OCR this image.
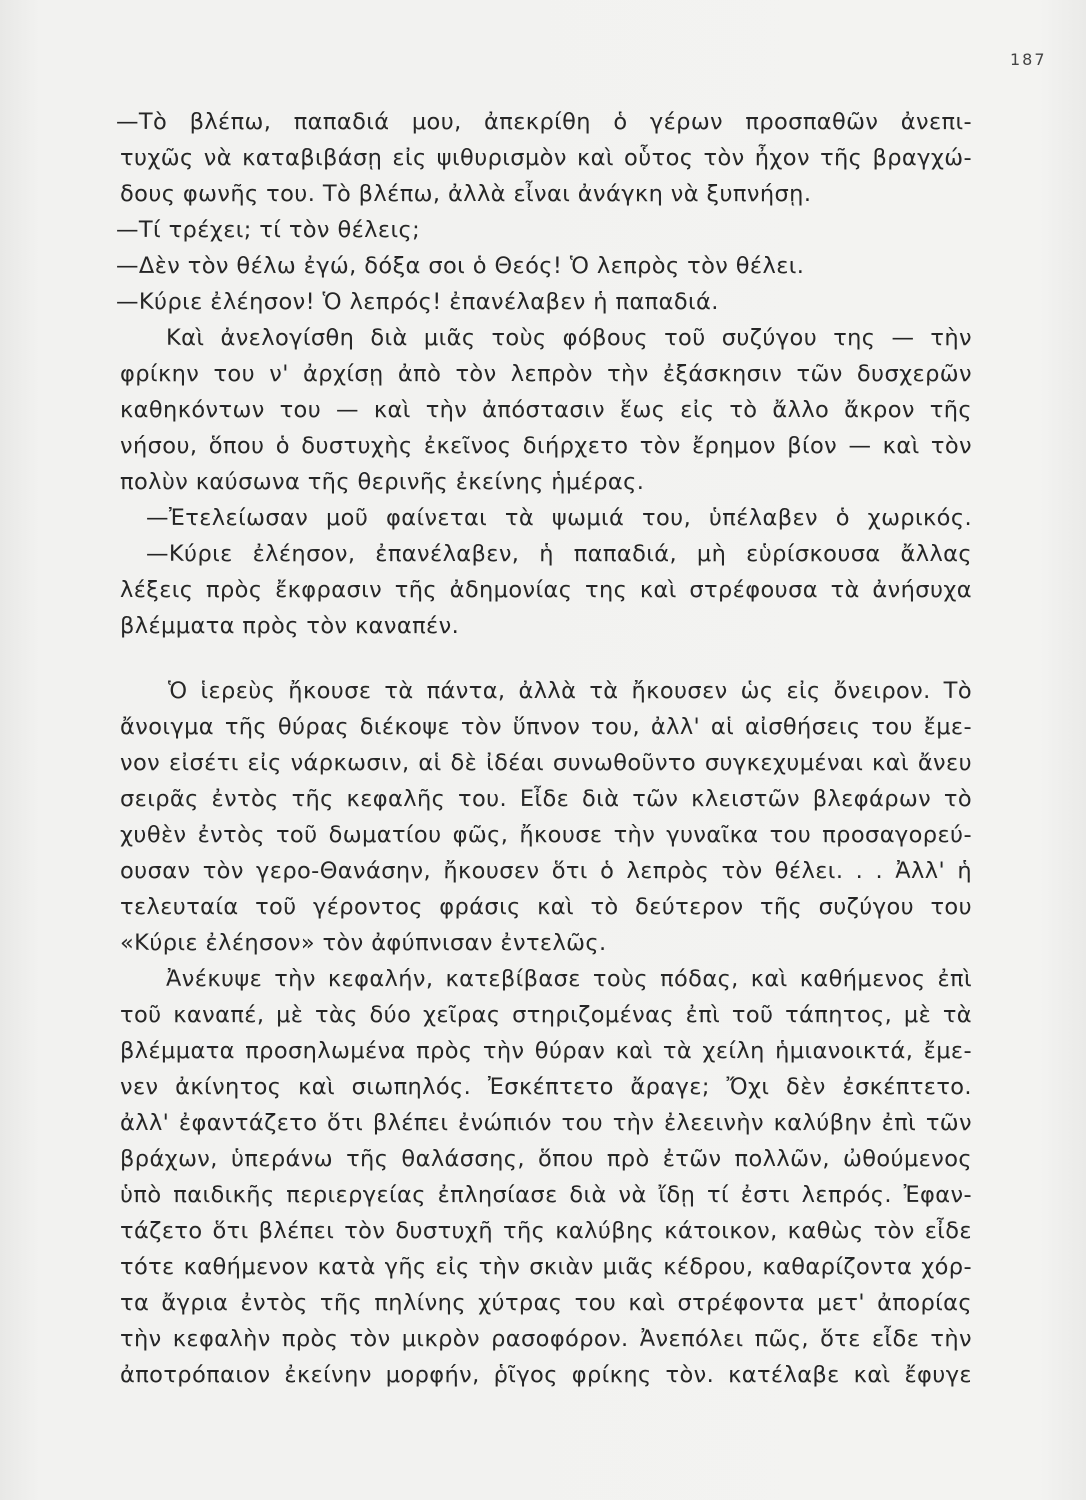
187
—Τὸ βλέπω, παπαδιά μου, ἀπεκρίθη ὁ γέρων προσπαθῶν ἀνεπι-
τυχῶς νὰ καταβιβάσῃ εἰς ψιθυρισμὸν καὶ οὗτος τὸν ἦχον τῆς βραγχώ-
δους φωνῆς του. Τὸ βλέπω, ἀλλὰ εἶναι ἀνάγκη νὰ ξυπνήσῃ.
—Τί τρέχει; τί τὸν θέλεις;
—Δὲν τὸν θέλω ἐγώ, δόξα σοι ὁ Θεός! Ὁ λεπρὸς τὸν θέλει.
—Κύριε ἐλέησον! Ὁ λεπρός! ἐπανέλαβεν ἡ παπαδιά.
Καὶ ἀνελογίσθη διὰ μιᾶς τοὺς φόβους τοῦ συζύγου της — τὴν
φρίκην του ν' ἀρχίσῃ ἀπὸ τὸν λεπρὸν τὴν ἐξάσκησιν τῶν δυσχερῶν
καθηκόντων του — καὶ τὴν ἀπόστασιν ἕως εἰς τὸ ἄλλο ἄκρον τῆς
νήσου, ὅπου ὁ δυστυχὴς ἐκεῖνος διήρχετο τὸν ἔρημον βίον — καὶ τὸν
πολὺν καύσωνα τῆς θερινῆς ἐκείνης ἡμέρας.
—Ἐτελείωσαν μοῦ φαίνεται τὰ ψωμιά του, ὑπέλαβεν ὁ χωρικός.
—Κύριε ἐλέησον, ἐπανέλαβεν, ἡ παπαδιά, μὴ εὑρίσκουσα ἄλλας
λέξεις πρὸς ἔκφρασιν τῆς ἀδημονίας της καὶ στρέφουσα τὰ ἀνήσυχα
βλέμματα πρὸς τὸν καναπέν.
Ὁ ἱερεὺς ἤκουσε τὰ πάντα, ἀλλὰ τὰ ἤκουσεν ὡς εἰς ὄνειρον. Τὸ
ἄνοιγμα τῆς θύρας διέκοψε τὸν ὕπνον του, ἀλλ' αἱ αἰσθήσεις του ἔμε-
νον εἰσέτι εἰς νάρκωσιν, αἱ δὲ ἰδέαι συνωθοῦντο συγκεχυμέναι καὶ ἄνευ
σειρᾶς ἐντὸς τῆς κεφαλῆς του. Εἶδε διὰ τῶν κλειστῶν βλεφάρων τὸ
χυθὲν ἐντὸς τοῦ δωματίου φῶς, ἤκουσε τὴν γυναῖκα του προσαγορεύ-
ουσαν τὸν γερο-Θανάσην, ἤκουσεν ὅτι ὁ λεπρὸς τὸν θέλει. . . Ἀλλ' ἡ
τελευταία τοῦ γέροντος φράσις καὶ τὸ δεύτερον τῆς συζύγου του
«Κύριε ἐλέησον» τὸν ἀφύπνισαν ἐντελῶς.
Ἀνέκυψε τὴν κεφαλήν, κατεβίβασε τοὺς πόδας, καὶ καθήμενος ἐπὶ
τοῦ καναπέ, μὲ τὰς δύο χεῖρας στηριζομένας ἐπὶ τοῦ τάπητος, μὲ τὰ
βλέμματα προσηλωμένα πρὸς τὴν θύραν καὶ τὰ χείλη ἡμιανοικτά, ἔμε-
νεν ἀκίνητος καὶ σιωπηλός. Ἐσκέπτετο ἄραγε; Ὄχι δὲν ἐσκέπτετο.
ἀλλ' ἐφαντάζετο ὅτι βλέπει ἐνώπιόν του τὴν ἐλεεινὴν καλύβην ἐπὶ τῶν
βράχων, ὑπεράνω τῆς θαλάσσης, ὅπου πρὸ ἐτῶν πολλῶν, ὠθούμενος
ὑπὸ παιδικῆς περιεργείας ἐπλησίασε διὰ νὰ ἴδῃ τί ἐστι λεπρός. Ἐφαν-
τάζετο ὅτι βλέπει τὸν δυστυχῆ τῆς καλύβης κάτοικον, καθὼς τὸν εἶδε
τότε καθήμενον κατὰ γῆς εἰς τὴν σκιὰν μιᾶς κέδρου, καθαρίζοντα χόρ-
τα ἄγρια ἐντὸς τῆς πηλίνης χύτρας του καὶ στρέφοντα μετ' ἀπορίας
τὴν κεφαλὴν πρὸς τὸν μικρὸν ρασοφόρον. Ἀνεπόλει πῶς, ὅτε εἶδε τὴν
ἀποτρόπαιον ἐκείνην μορφήν, ῥῖγος φρίκης τὸν. κατέλαβε καὶ ἔφυγε
